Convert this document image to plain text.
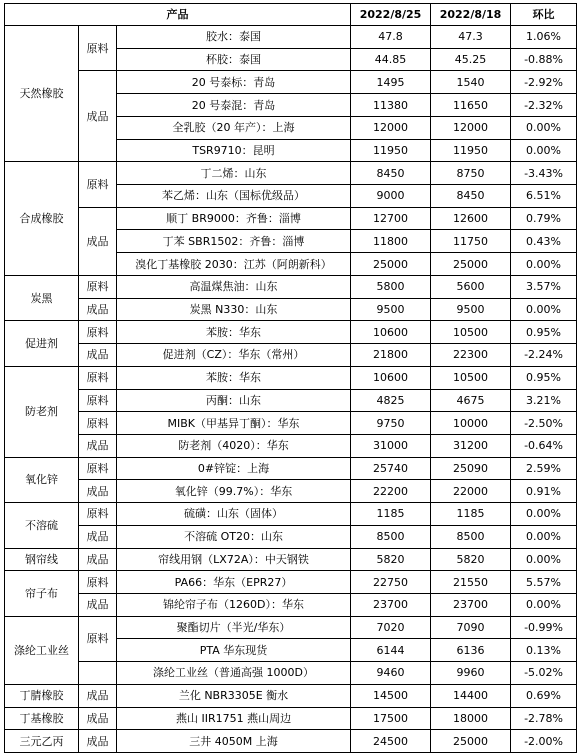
产品			2022/8/25	2022/8/18	环比
天然橡胶	原料	胶水：泰国	47.8	47.3	1.06%
		杯胶：泰国	44.85	45.25	-0.88%
	成品	20 号泰标：青岛	1495	1540	-2.92%
		20 号泰混：青岛	11380	11650	-2.32%
		全乳胶（20 年产）：上海	12000	12000	0.00%
		TSR9710：昆明	11950	11950	0.00%
合成橡胶	原料	丁二烯：山东	8450	8750	-3.43%
		苯乙烯：山东（国标优级品）	9000	8450	6.51%
	成品	顺丁 BR9000：齐鲁：淄博	12700	12600	0.79%
		丁苯 SBR1502：齐鲁：淄博	11800	11750	0.43%
		溴化丁基橡胶 2030：江苏（阿朗新科）	25000	25000	0.00%
炭黑	原料	高温煤焦油：山东	5800	5600	3.57%
	成品	炭黑 N330：山东	9500	9500	0.00%
促进剂	原料	苯胺：华东	10600	10500	0.95%
	成品	促进剂（CZ）：华东（常州）	21800	22300	-2.24%
防老剂	原料	苯胺：华东	10600	10500	0.95%
	原料	丙酮：山东	4825	4675	3.21%
	原料	MIBK（甲基异丁酮）：华东	9750	10000	-2.50%
	成品	防老剂（4020）：华东	31000	31200	-0.64%
氧化锌	原料	0#锌锭：上海	25740	25090	2.59%
	成品	氧化锌（99.7%）：华东	22200	22000	0.91%
不溶硫	原料	硫磺：山东（固体）	1185	1185	0.00%
	成品	不溶硫 OT20：山东	8500	8500	0.00%
钢帘线	成品	帘线用钢（LX72A）：中天钢铁	5820	5820	0.00%
帘子布	原料	PA66：华东（EPR27）	22750	21550	5.57%
	成品	锦纶帘子布（1260D）：华东	23700	23700	0.00%
涤纶工业丝	原料	聚酯切片（半光/华东）	7020	7090	-0.99%
		PTA 华东现货	6144	6136	0.13%
		涤纶工业丝（普通高强 1000D）	9460	9960	-5.02%
丁腈橡胶	成品	兰化 NBR3305E 衡水	14500	14400	0.69%
丁基橡胶	成品	燕山 IIR1751 燕山周边	17500	18000	-2.78%
三元乙丙	成品	三井 4050M 上海	24500	25000	-2.00%
